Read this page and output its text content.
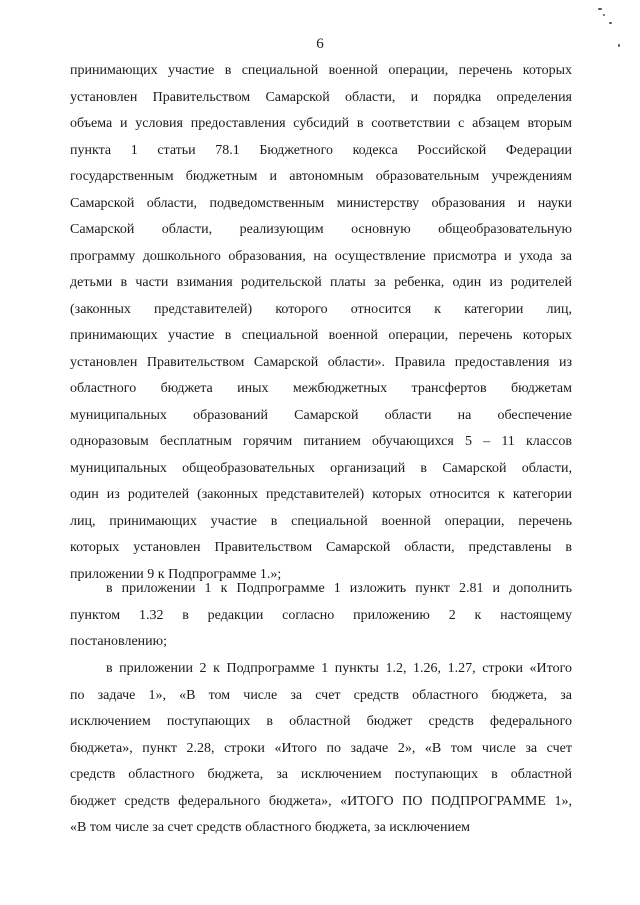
6
принимающих участие в специальной военной операции, перечень которых
установлен Правительством Самарской области, и порядка определения
объема и условия предоставления субсидий в соответствии с абзацем вторым
пункта 1 статьи 78.1 Бюджетного кодекса Российской Федерации
государственным бюджетным и автономным образовательным учреждениям
Самарской области, подведомственным министерству образования и науки
Самарской области, реализующим основную общеобразовательную
программу дошкольного образования, на осуществление присмотра и ухода за
детьми в части взимания родительской платы за ребенка, один из родителей
(законных представителей) которого относится к категории лиц,
принимающих участие в специальной военной операции, перечень которых
установлен Правительством Самарской области». Правила предоставления из
областного бюджета иных межбюджетных трансфертов бюджетам
муниципальных образований Самарской области на обеспечение
одноразовым бесплатным горячим питанием обучающихся 5 – 11 классов
муниципальных общеобразовательных организаций в Самарской области,
один из родителей (законных представителей) которых относится к категории
лиц, принимающих участие в специальной военной операции, перечень
которых установлен Правительством Самарской области, представлены в
приложении 9 к Подпрограмме 1.»;
в приложении 1 к Подпрограмме 1 изложить пункт 2.81 и дополнить
пунктом 1.32 в редакции согласно приложению 2 к настоящему
постановлению;
в приложении 2 к Подпрограмме 1 пункты 1.2, 1.26, 1.27, строки «Итого
по задаче 1», «В том числе за счет средств областного бюджета, за
исключением поступающих в областной бюджет средств федерального
бюджета», пункт 2.28, строки «Итого по задаче 2», «В том числе за счет
средств областного бюджета, за исключением поступающих в областной
бюджет средств федерального бюджета», «ИТОГО ПО ПОДПРОГРАММЕ 1»,
«В том числе за счет средств областного бюджета, за исключением
